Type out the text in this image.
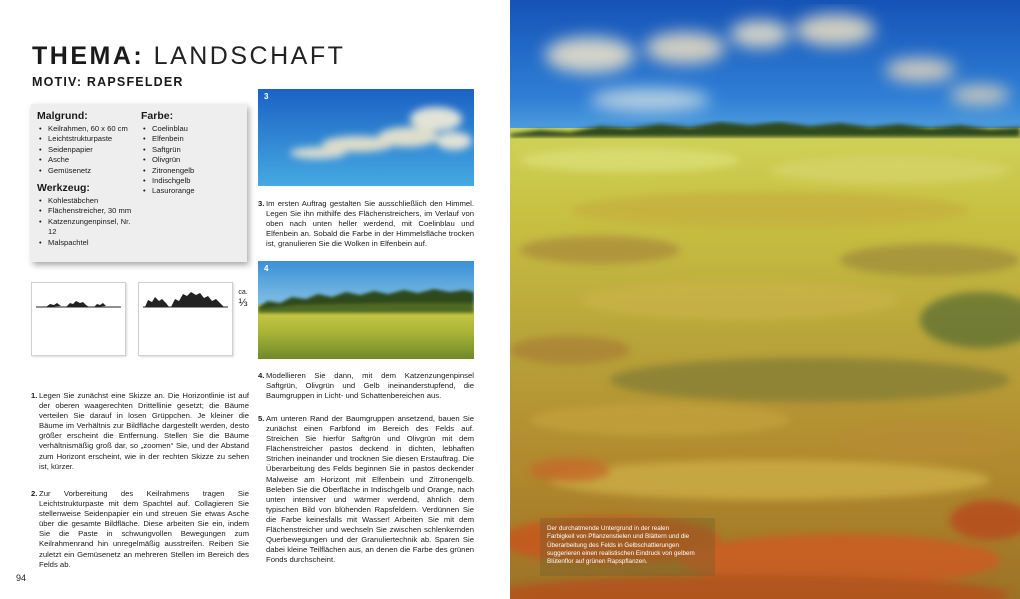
THEMA: LANDSCHAFT
MOTIV: RAPSFELDER
Malgrund:
• Keilrahmen, 60 x 60 cm
• Leichtstrukturpaste
• Seidenpapier
• Asche
• Gemüsenetz
Werkzeug:
• Kohlestäbchen
• Flächenstreicher, 30 mm
• Katzenzungenpinsel, Nr. 12
• Malspachtel
Farbe:
• Coelinblau
• Elfenbein
• Saftgrün
• Olivgrün
• Zitronengelb
• Indischgelb
• Lasurorange
ca.
⅓
1. Legen Sie zunächst eine Skizze an. Die Horizontlinie ist auf der oberen waagerechten Drittellinie gesetzt; die Bäume verteilen Sie darauf in losen Grüppchen. Je kleiner die Bäume im Verhältnis zur Bildfläche dargestellt werden, desto größer erscheint die Entfernung. Stellen Sie die Bäume verhältnismäßig groß dar, so „zoomen“ Sie, und der Abstand zum Horizont erscheint, wie in der rechten Skizze zu sehen ist, kürzer.
2. Zur Vorbereitung des Keilrahmens tragen Sie Leichtstrukturpaste mit dem Spachtel auf. Collagieren Sie stellenweise Seidenpapier ein und streuen Sie etwas Asche über die gesamte Bildfläche. Diese arbeiten Sie ein, indem Sie die Paste in schwungvollen Bewegungen zum Keilrahmenrand hin unregelmäßig ausstreifen. Reiben Sie zuletzt ein Gemüsenetz an mehreren Stellen im Bereich des Felds ab.
3
3. Im ersten Auftrag gestalten Sie ausschließlich den Himmel. Legen Sie ihn mithilfe des Flächenstreichers, im Verlauf von oben nach unten heller werdend, mit Coelinblau und Elfenbein an. Sobald die Farbe in der Himmelsfläche trocken ist, granulieren Sie die Wolken in Elfenbein auf.
4
4. Modellieren Sie dann, mit dem Katzenzungenpinsel Saftgrün, Olivgrün und Gelb ineinanderstupfend, die Baumgruppen in Licht- und Schattenbereichen aus.
5. Am unteren Rand der Baumgruppen ansetzend, bauen Sie zunächst einen Farbfond im Bereich des Felds auf. Streichen Sie hierfür Saftgrün und Olivgrün mit dem Flächenstreicher pastos deckend in dichten, lebhaften Strichen ineinander und trocknen Sie diesen Erstauftrag. Die Überarbeitung des Felds beginnen Sie in pastos deckender Malweise am Horizont mit Elfenbein und Zitronengelb. Beleben Sie die Oberfläche in Indischgelb und Orange, nach unten intensiver und wärmer werdend, ähnlich dem typischen Bild von blühenden Rapsfeldern. Verdünnen Sie die Farbe keinesfalls mit Wasser! Arbeiten Sie mit dem Flächenstreicher und wechseln Sie zwischen schlenkernden Querbewegungen und der Granuliertechnik ab. Sparen Sie dabei kleine Teilflächen aus, an denen die Farbe des grünen Fonds durchscheint.
94
Der durchatmende Untergrund in der realen Farbigkeit von Pflanzenstielen und Blättern und die Überarbeitung des Felds in Gelbschattierungen suggerieren einen realistischen Eindruck von gelbem Blütenflor auf grünen Rapspflanzen.
